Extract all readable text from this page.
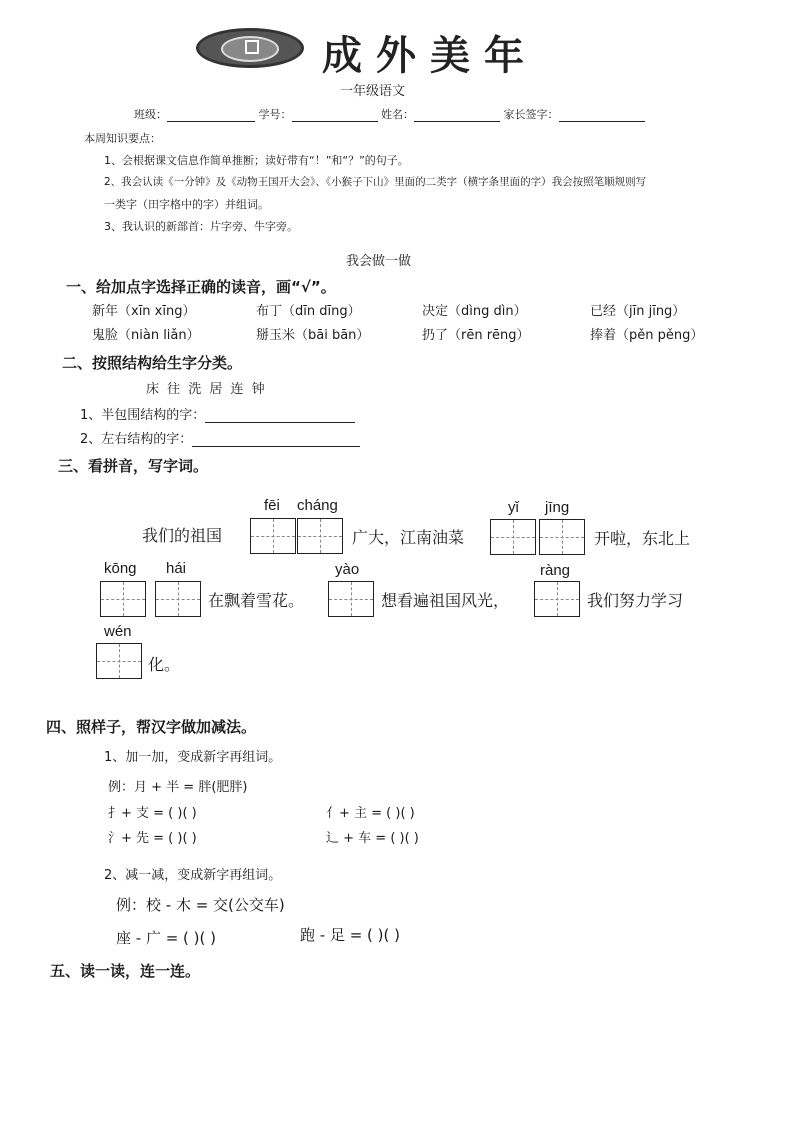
成外美年
一年级语文
班级：	学号：	姓名：	家长签字：
本周知识要点：
1、会根据课文信息作简单推断；读好带有“！”和“？”的句子。
2、我会认读《一分钟》及《动物王国开大会》、《小猴子下山》里面的二类字（横字条里面的字）我会按照笔顺规则写
一类字（田字格中的字）并组词。
3、我认识的新部首：片字旁、牛字旁。
我会做一做
一、给加点字选择正确的读音，画“√”。
新年（xīn xīng）	布丁（dīn dīng）	决定（dìng dìn）	已经（jīn jīng）
鬼脸（niàn liǎn）	掰玉米（bāi bān）	扔了（rēn rēng）	捧着（pěn pěng）
二、按照结构给生字分类。
床 往 洗 居 连 钟
1、半包围结构的字：
2、左右结构的字：
三、看拼音，写字词。
fēi cháng	yǐ jīng
我们的祖国	广大，江南油菜	开啦，东北上
kōng hái	yào	ràng
在飘着雪花。	想看遍祖国风光，	我们努力学习
wén
化。
四、照样子，帮汉字做加减法。
1、加一加，变成新字再组词。
例：月 + 半 = 胖(肥胖)
扌+ 支 = ( )( )	亻+ 主 = ( )( )
氵+ 先 = ( )( )	辶 + 车 = ( )( )
2、减一减，变成新字再组词。
例：校 - 木 = 交(公交车)
座 - 广 = ( )( )	跑 - 足 = ( )( )
五、读一读，连一连。
